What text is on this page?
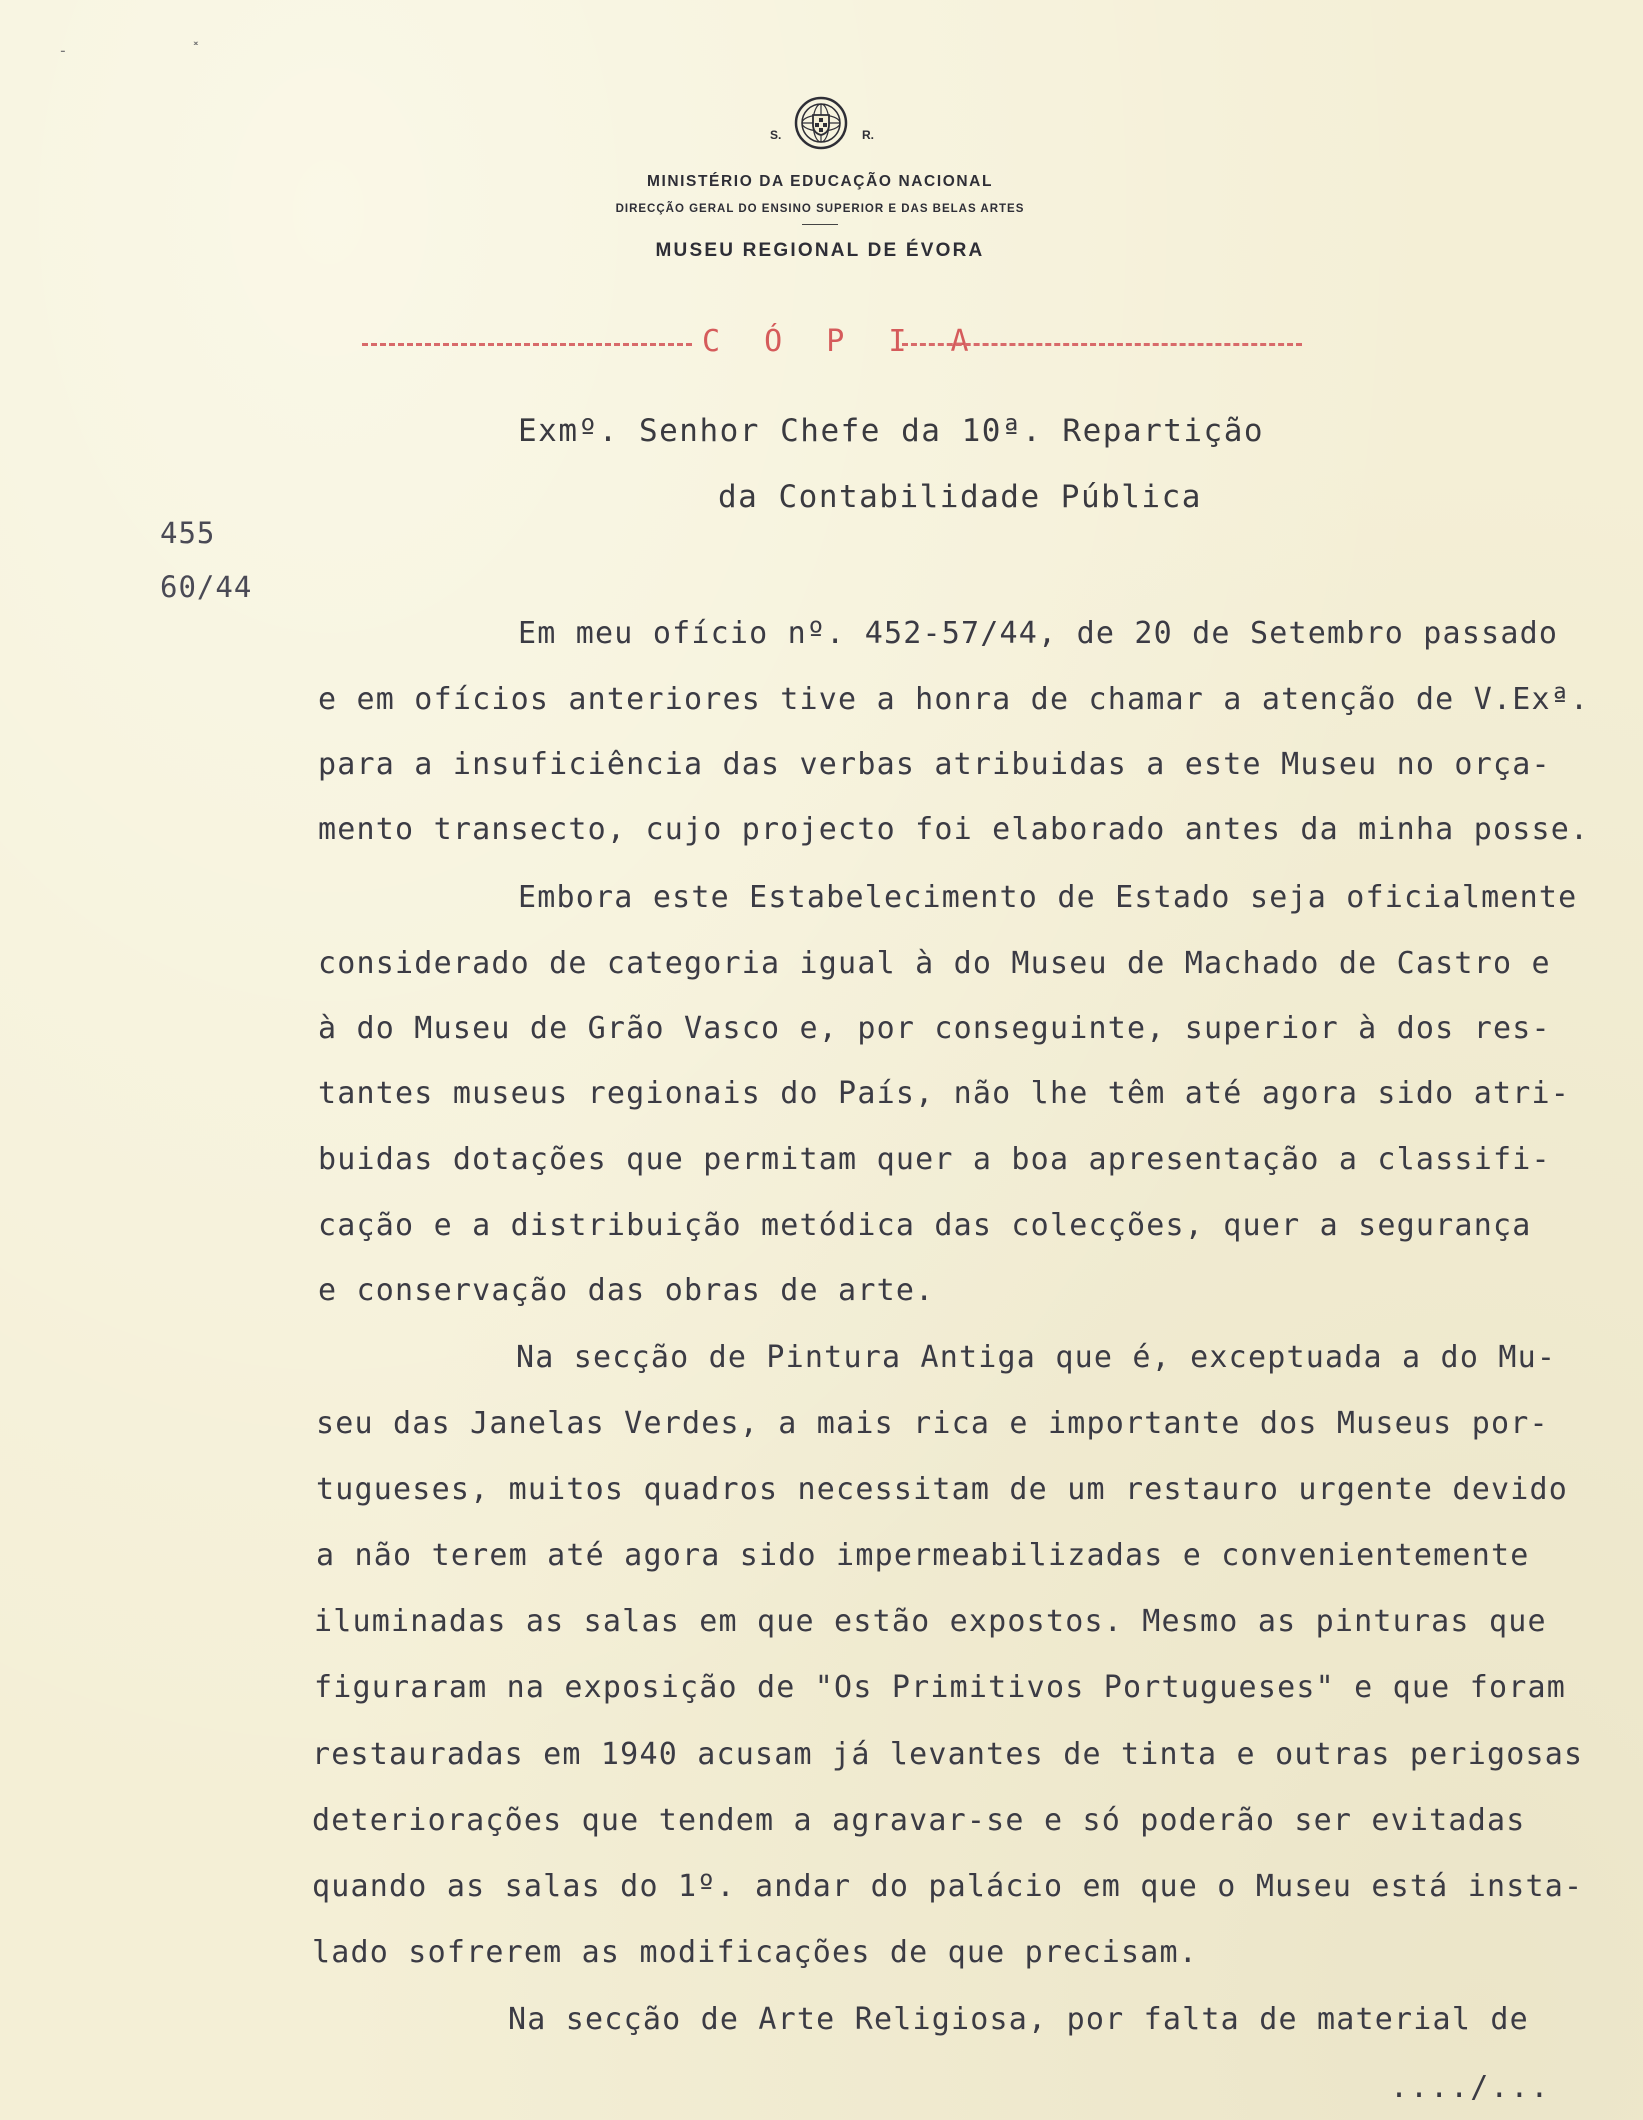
˗ ˟
S.	R.
MINISTÉRIO DA EDUCAÇÃO NACIONAL
DIRECÇÃO GERAL DO ENSINO SUPERIOR E DAS BELAS ARTES
MUSEU REGIONAL DE ÉVORA
C Ó P I A
Exmº. Senhor Chefe da 10ª. Repartição
da Contabilidade Pública
455
60/44
Em meu ofício nº. 452-57/44, de 20 de Setembro passado
e em ofícios anteriores tive a honra de chamar a atenção de V.Exª.
para a insuficiência das verbas atribuidas a este Museu no orça-
mento transecto, cujo projecto foi elaborado antes da minha posse.
Embora este Estabelecimento de Estado seja oficialmente
considerado de categoria igual à do Museu de Machado de Castro e
à do Museu de Grão Vasco e, por conseguinte, superior à dos res-
tantes museus regionais do País, não lhe têm até agora sido atri-
buidas dotações que permitam quer a boa apresentação a classifi-
cação e a distribuição metódica das colecções, quer a segurança
e conservação das obras de arte.
Na secção de Pintura Antiga que é, exceptuada a do Mu-
seu das Janelas Verdes, a mais rica e importante dos Museus por-
tugueses, muitos quadros necessitam de um restauro urgente devido
a não terem até agora sido impermeabilizadas e convenientemente
iluminadas as salas em que estão expostos. Mesmo as pinturas que
figuraram na exposição de "Os Primitivos Portugueses" e que foram
restauradas em 1940 acusam já levantes de tinta e outras perigosas
deteriorações que tendem a agravar-se e só poderão ser evitadas
quando as salas do 1º. andar do palácio em que o Museu está insta-
lado sofrerem as modificações de que precisam.
Na secção de Arte Religiosa, por falta de material de
..../...
